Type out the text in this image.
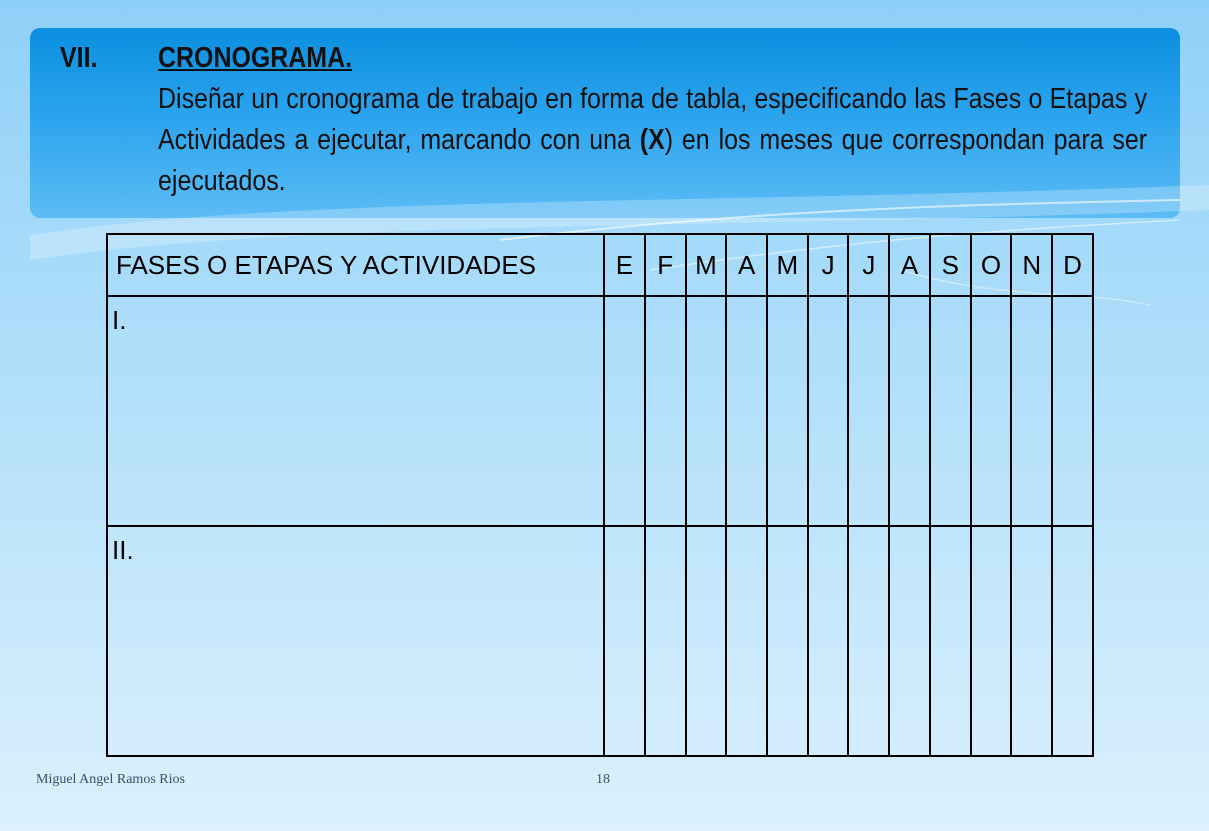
VII. CRONOGRAMA.
Diseñar un cronograma de trabajo en forma de tabla, especificando las Fases o Etapas y Actividades a ejecutar, marcando con una (X) en los meses que correspondan para ser ejecutados.
FASES O ETAPAS Y ACTIVIDADES	E	F	M	A	M	J	J	A	S	O	N	D
I.												
II.												
Miguel Angel Ramos Rios	18
